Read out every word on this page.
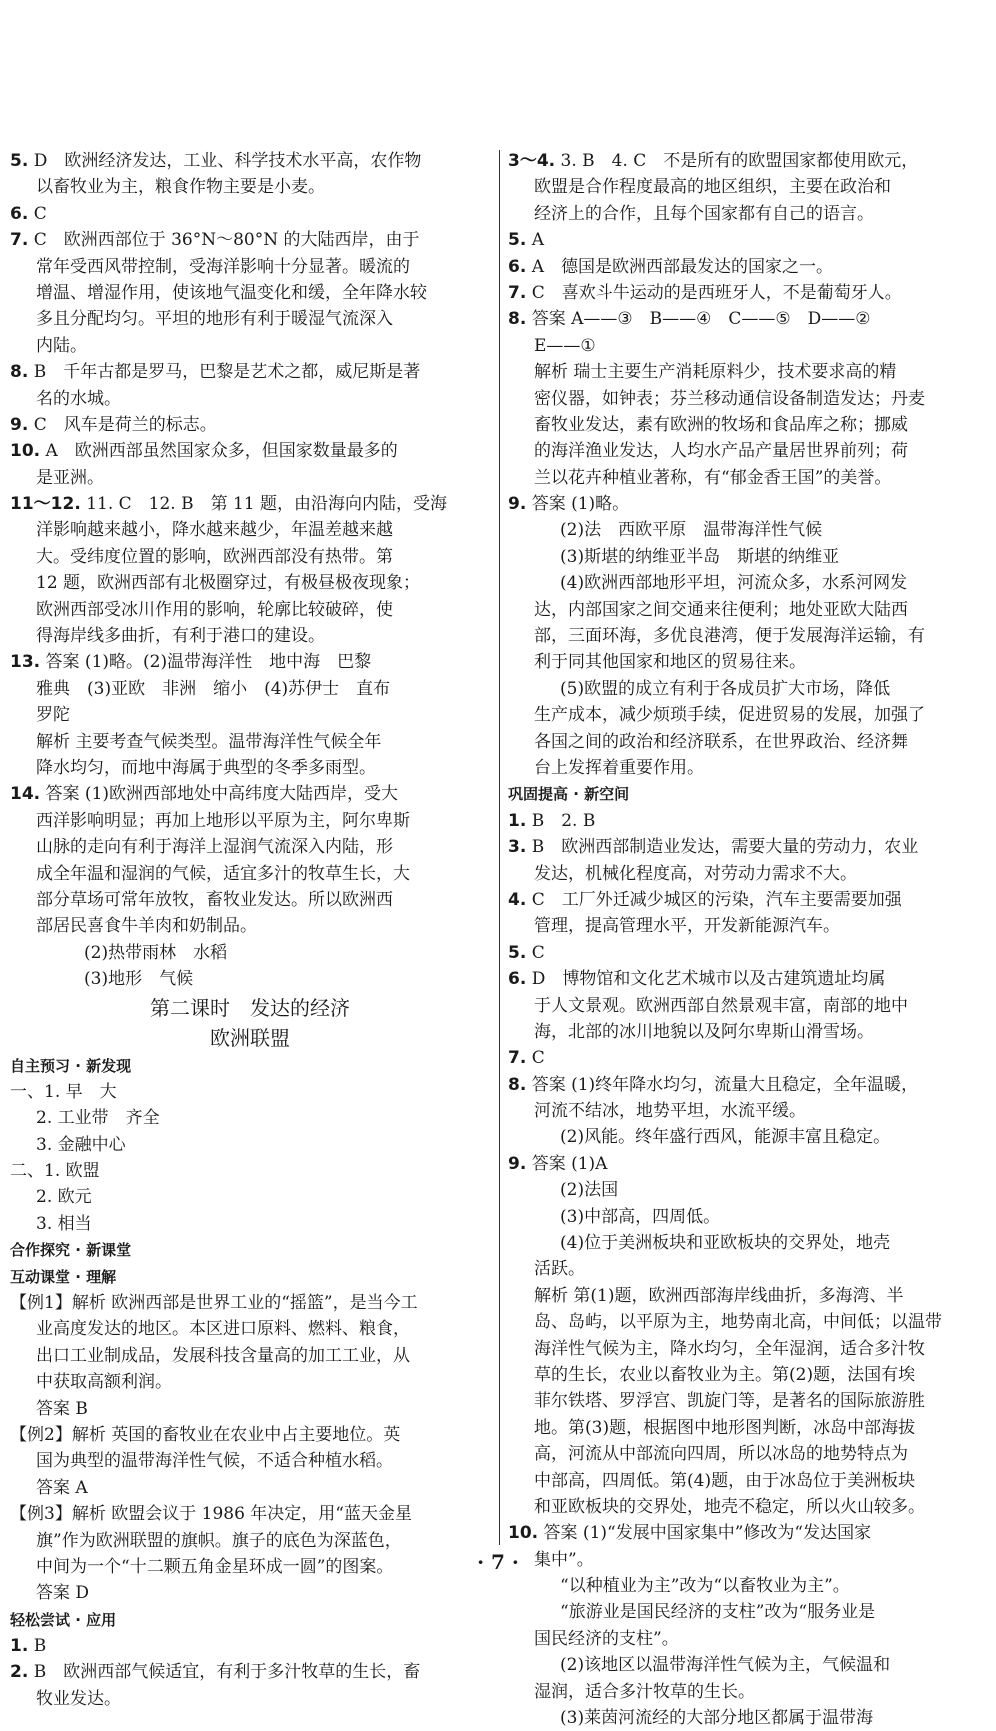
5. D　欧洲经济发达，工业、科学技术水平高，农作物
以畜牧业为主，粮食作物主要是小麦。
6. C
7. C　欧洲西部位于 36°N～80°N 的大陆西岸，由于
常年受西风带控制，受海洋影响十分显著。暖流的
增温、增湿作用，使该地气温变化和缓，全年降水较
多且分配均匀。平坦的地形有利于暖湿气流深入
内陆。
8. B　千年古都是罗马，巴黎是艺术之都，威尼斯是著
名的水城。
9. C　风车是荷兰的标志。
10. A　欧洲西部虽然国家众多，但国家数量最多的
是亚洲。
11～12. 11. C　12. B　第 11 题，由沿海向内陆，受海
洋影响越来越小，降水越来越少，年温差越来越
大。受纬度位置的影响，欧洲西部没有热带。第
12 题，欧洲西部有北极圈穿过，有极昼极夜现象；
欧洲西部受冰川作用的影响，轮廓比较破碎，使
得海岸线多曲折，有利于港口的建设。
13. 答案 (1)略。(2)温带海洋性　地中海　巴黎
雅典　(3)亚欧　非洲　缩小　(4)苏伊士　直布
罗陀
解析 主要考查气候类型。温带海洋性气候全年
降水均匀，而地中海属于典型的冬季多雨型。
14. 答案 (1)欧洲西部地处中高纬度大陆西岸，受大
西洋影响明显；再加上地形以平原为主，阿尔卑斯
山脉的走向有利于海洋上湿润气流深入内陆，形
成全年温和湿润的气候，适宜多汁的牧草生长，大
部分草场可常年放牧，畜牧业发达。所以欧洲西
部居民喜食牛羊肉和奶制品。
(2)热带雨林　水稻
(3)地形　气候
第二课时　发达的经济
欧洲联盟
自主预习 · 新发现
一、1. 早　大
2. 工业带　齐全
3. 金融中心
二、1. 欧盟
2. 欧元
3. 相当
合作探究 · 新课堂
互动课堂 · 理解
【例1】解析 欧洲西部是世界工业的“摇篮”，是当今工
业高度发达的地区。本区进口原料、燃料、粮食，
出口工业制成品，发展科技含量高的加工工业，从
中获取高额利润。
答案 B
【例2】解析 英国的畜牧业在农业中占主要地位。英
国为典型的温带海洋性气候，不适合种植水稻。
答案 A
【例3】解析 欧盟会议于 1986 年决定，用“蓝天金星
旗”作为欧洲联盟的旗帜。旗子的底色为深蓝色，
中间为一个“十二颗五角金星环成一圆”的图案。
答案 D
轻松尝试 · 应用
1. B
2. B　欧洲西部气候适宜，有利于多汁牧草的生长，畜
牧业发达。
3～4. 3. B　4. C　不是所有的欧盟国家都使用欧元，
欧盟是合作程度最高的地区组织，主要在政治和
经济上的合作，且每个国家都有自己的语言。
5. A
6. A　德国是欧洲西部最发达的国家之一。
7. C　喜欢斗牛运动的是西班牙人，不是葡萄牙人。
8. 答案 A——③　B——④　C——⑤　D——②
E——①
解析 瑞士主要生产消耗原料少，技术要求高的精
密仪器，如钟表；芬兰移动通信设备制造发达；丹麦
畜牧业发达，素有欧洲的牧场和食品库之称；挪威
的海洋渔业发达，人均水产品产量居世界前列；荷
兰以花卉种植业著称，有“郁金香王国”的美誉。
9. 答案 (1)略。
(2)法　西欧平原　温带海洋性气候
(3)斯堪的纳维亚半岛　斯堪的纳维亚
(4)欧洲西部地形平坦，河流众多，水系河网发
达，内部国家之间交通来往便利；地处亚欧大陆西
部，三面环海，多优良港湾，便于发展海洋运输，有
利于同其他国家和地区的贸易往来。
(5)欧盟的成立有利于各成员扩大市场，降低
生产成本，减少烦琐手续，促进贸易的发展，加强了
各国之间的政治和经济联系，在世界政治、经济舞
台上发挥着重要作用。
巩固提高 · 新空间
1. B　2. B
3. B　欧洲西部制造业发达，需要大量的劳动力，农业
发达，机械化程度高，对劳动力需求不大。
4. C　工厂外迁减少城区的污染，汽车主要需要加强
管理，提高管理水平，开发新能源汽车。
5. C
6. D　博物馆和文化艺术城市以及古建筑遗址均属
于人文景观。欧洲西部自然景观丰富，南部的地中
海，北部的冰川地貌以及阿尔卑斯山滑雪场。
7. C
8. 答案 (1)终年降水均匀，流量大且稳定，全年温暖，
河流不结冰，地势平坦，水流平缓。
(2)风能。终年盛行西风，能源丰富且稳定。
9. 答案 (1)A
(2)法国
(3)中部高，四周低。
(4)位于美洲板块和亚欧板块的交界处，地壳
活跃。
解析 第(1)题，欧洲西部海岸线曲折，多海湾、半
岛、岛屿，以平原为主，地势南北高，中间低；以温带
海洋性气候为主，降水均匀，全年湿润，适合多汁牧
草的生长，农业以畜牧业为主。第(2)题，法国有埃
菲尔铁塔、罗浮宫、凯旋门等，是著名的国际旅游胜
地。第(3)题，根据图中地形图判断，冰岛中部海拔
高，河流从中部流向四周，所以冰岛的地势特点为
中部高，四周低。第(4)题，由于冰岛位于美洲板块
和亚欧板块的交界处，地壳不稳定，所以火山较多。
10. 答案 (1)“发展中国家集中”修改为“发达国家
集中”。
“以种植业为主”改为“以畜牧业为主”。
“旅游业是国民经济的支柱”改为“服务业是
国民经济的支柱”。
(2)该地区以温带海洋性气候为主，气候温和
湿润，适合多汁牧草的生长。
(3)莱茵河流经的大部分地区都属于温带海
· 7 ·
